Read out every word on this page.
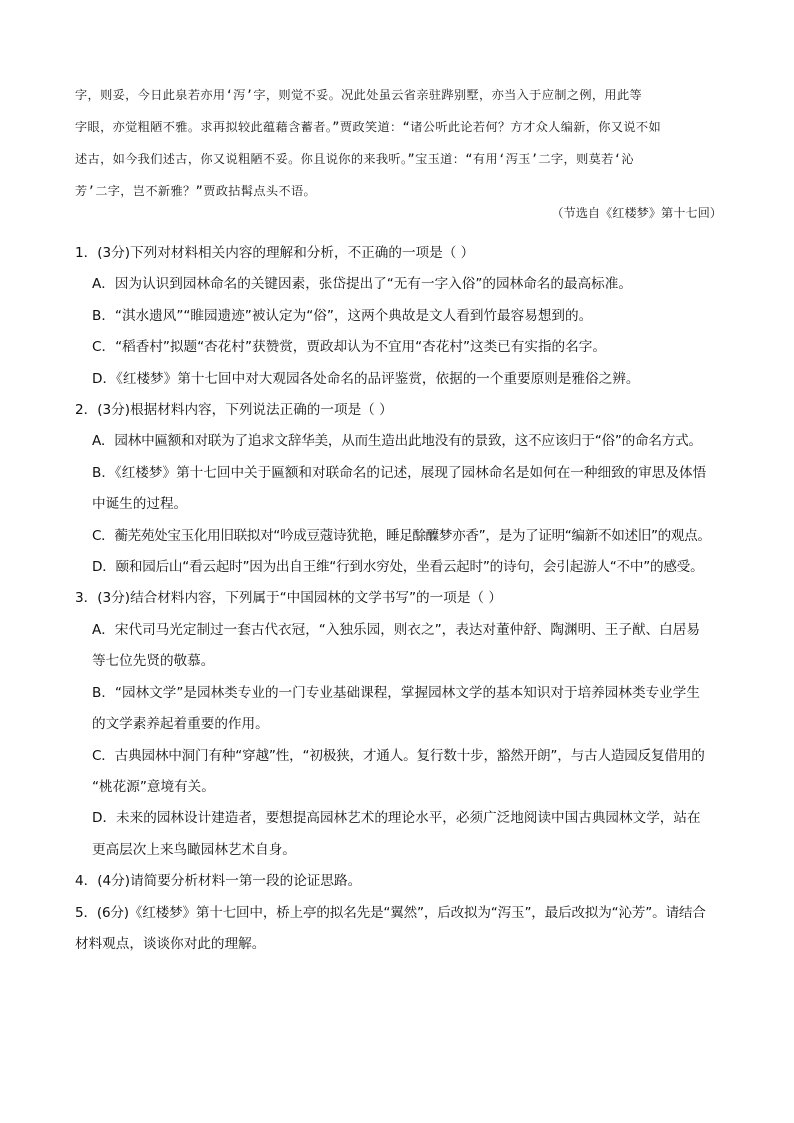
字，则妥，今日此泉若亦用‘泻’字，则觉不妥。况此处虽云省亲驻跸别墅，亦当入于应制之例，用此等
字眼，亦觉粗陋不雅。求再拟较此蕴藉含蓄者。”贾政笑道：“诸公听此论若何？方才众人编新，你又说不如
述古，如今我们述古，你又说粗陋不妥。你且说你的来我听。”宝玉道：“有用‘泻玉’二字，则莫若‘沁
芳’二字，岂不新雅？”贾政拈髯点头不语。
（节选自《红楼梦》第十七回）
1．(3分)下列对材料相关内容的理解和分析，不正确的一项是（ ）
A．因为认识到园林命名的关键因素，张岱提出了“无有一字入俗”的园林命名的最高标准。
B．“淇水遗风”“睢园遗迹”被认定为“俗”，这两个典故是文人看到竹最容易想到的。
C．“稻香村”拟题“杏花村”获赞赏，贾政却认为不宜用“杏花村”这类已有实指的名字。
D．《红楼梦》第十七回中对大观园各处命名的品评鉴赏，依据的一个重要原则是雅俗之辨。
2．(3分)根据材料内容，下列说法正确的一项是（ ）
A．园林中匾额和对联为了追求文辞华美，从而生造出此地没有的景致，这不应该归于“俗”的命名方式。
B．《红楼梦》第十七回中关于匾额和对联命名的记述，展现了园林命名是如何在一种细致的审思及体悟
中诞生的过程。
C．蘅芜苑处宝玉化用旧联拟对“吟成豆蔻诗犹艳，睡足酴醾梦亦香”，是为了证明“编新不如述旧”的观点。
D．颐和园后山“看云起时”因为出自王维“行到水穷处，坐看云起时”的诗句，会引起游人“不中”的感受。
3．(3分)结合材料内容，下列属于“中国园林的文学书写”的一项是（ ）
A．宋代司马光定制过一套古代衣冠，“入独乐园，则衣之”，表达对董仲舒、陶渊明、王子猷、白居易
等七位先贤的敬慕。
B．“园林文学”是园林类专业的一门专业基础课程，掌握园林文学的基本知识对于培养园林类专业学生
的文学素养起着重要的作用。
C．古典园林中洞门有种“穿越”性，“初极狭，才通人。复行数十步，豁然开朗”，与古人造园反复借用的
“桃花源”意境有关。
D．未来的园林设计建造者，要想提高园林艺术的理论水平，必须广泛地阅读中国古典园林文学，站在
更高层次上来鸟瞰园林艺术自身。
4．(4分)请简要分析材料一第一段的论证思路。
5．(6分)《红楼梦》第十七回中，桥上亭的拟名先是“翼然”，后改拟为“泻玉”，最后改拟为“沁芳”。请结合
材料观点，谈谈你对此的理解。
